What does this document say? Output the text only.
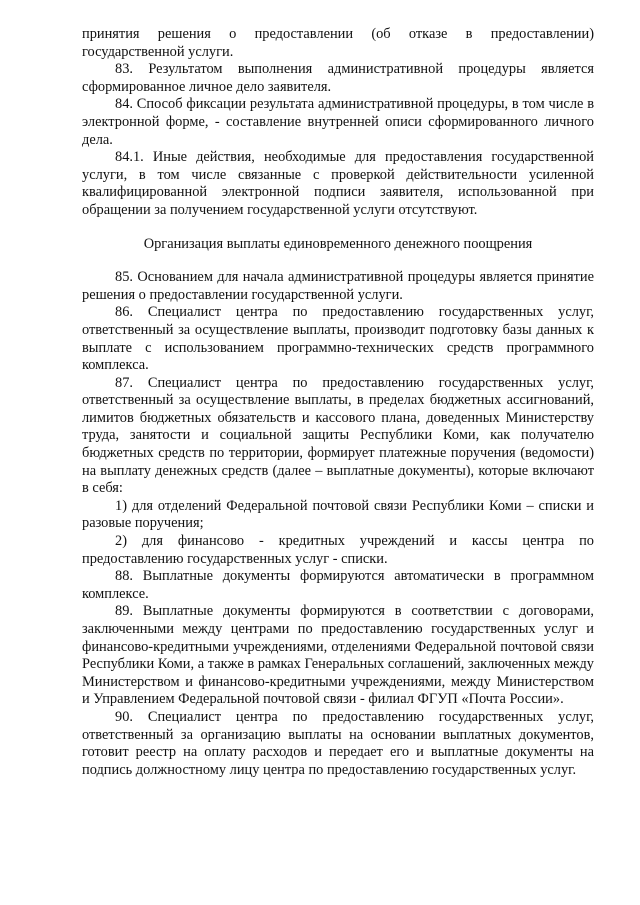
принятия решения о предоставлении (об отказе в предоставлении) государственной услуги.

83. Результатом выполнения административной процедуры является сформированное личное дело заявителя.

84. Способ фиксации результата административной процедуры, в том числе в электронной форме, - составление внутренней описи сформированного личного дела.

84.1. Иные действия, необходимые для предоставления государственной услуги, в том числе связанные с проверкой действительности усиленной квалифицированной электронной подписи заявителя, использованной при обращении за получением государственной услуги отсутствуют.

Организация выплаты единовременного денежного поощрения

85. Основанием для начала административной процедуры является принятие решения о предоставлении государственной услуги.

86. Специалист центра по предоставлению государственных услуг, ответственный за осуществление выплаты, производит подготовку базы данных к выплате с использованием программно-технических средств программного комплекса.

87. Специалист центра по предоставлению государственных услуг, ответственный за осуществление выплаты, в пределах бюджетных ассигнований, лимитов бюджетных обязательств и кассового плана, доведенных Министерству труда, занятости и социальной защиты Республики Коми, как получателю бюджетных средств по территории, формирует платежные поручения (ведомости) на выплату денежных средств (далее – выплатные документы), которые включают в себя:

1) для отделений Федеральной почтовой связи Республики Коми – списки и разовые поручения;

2) для финансово - кредитных учреждений и кассы центра по предоставлению государственных услуг - списки.

88. Выплатные документы формируются автоматически в программном комплексе.

89. Выплатные документы формируются в соответствии с договорами, заключенными между центрами по предоставлению государственных услуг и финансово-кредитными учреждениями, отделениями Федеральной почтовой связи Республики Коми, а также в рамках Генеральных соглашений, заключенных между Министерством и финансово-кредитными учреждениями, между Министерством и Управлением Федеральной почтовой связи - филиал ФГУП «Почта России».

90. Специалист центра по предоставлению государственных услуг, ответственный за организацию выплаты на основании выплатных документов, готовит реестр на оплату расходов и передает его и выплатные документы на подпись должностному лицу центра по предоставлению государственных услуг.
